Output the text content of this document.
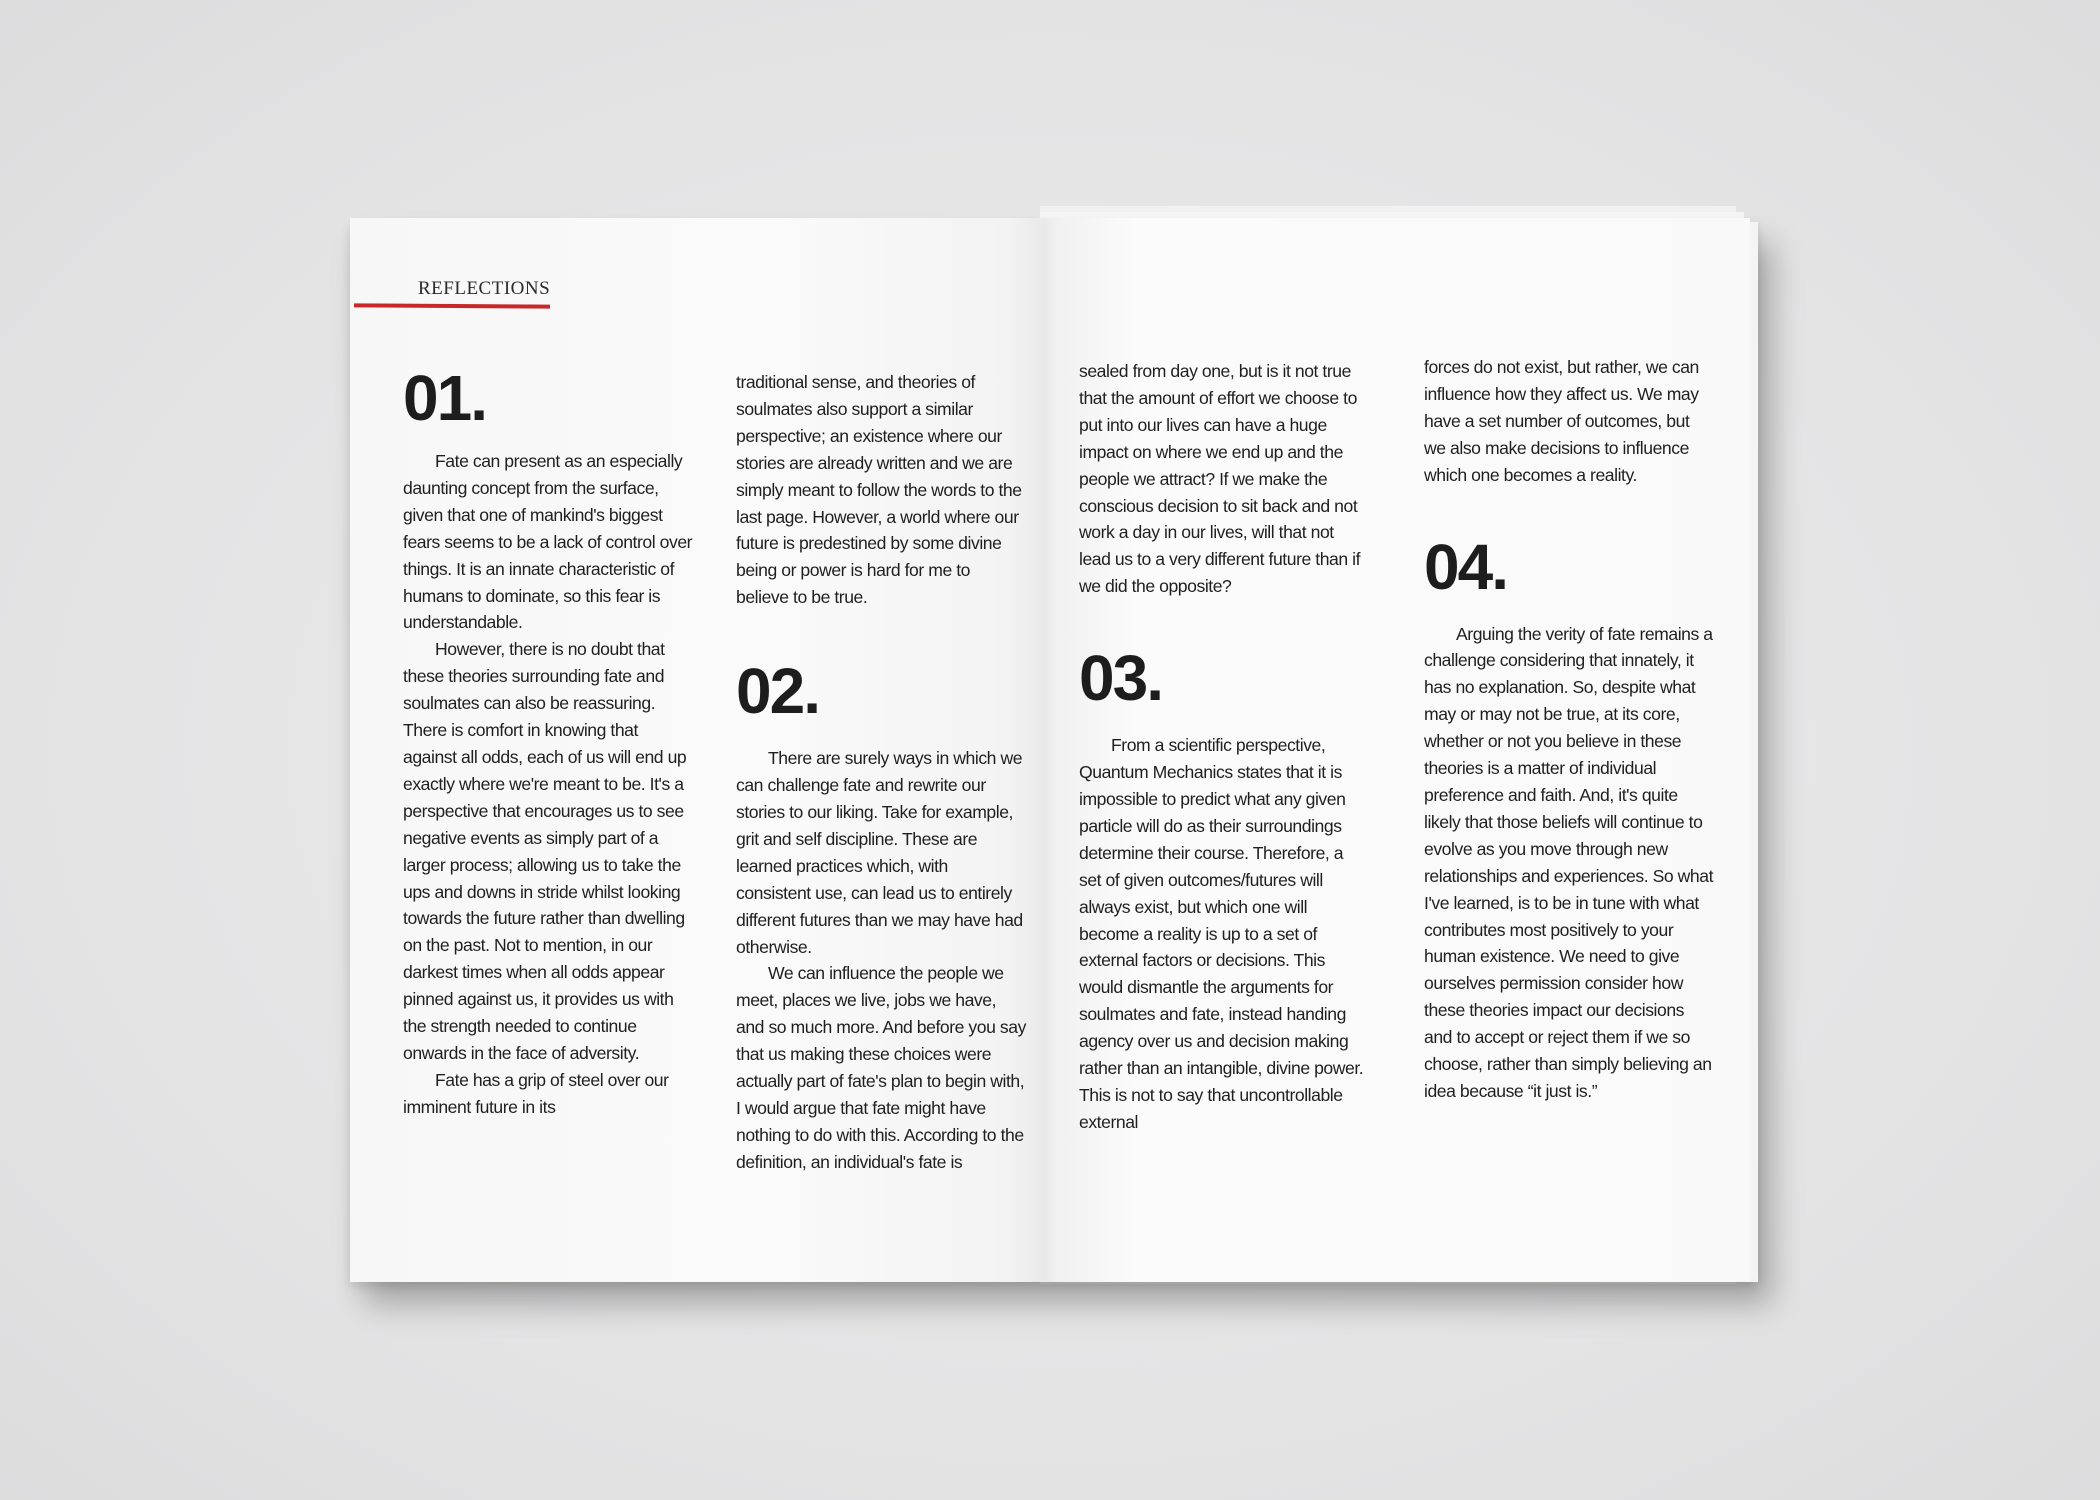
REFLECTIONS
01.

Fate can present as an especially daunting concept from the surface, given that one of mankind's biggest fears seems to be a lack of control over things. It is an innate characteristic of humans to dominate, so this fear is understandable.

However, there is no doubt that these theories surrounding fate and soulmates can also be reassuring. There is comfort in knowing that against all odds, each of us will end up exactly where we're meant to be. It's a perspective that encourages us to see negative events as simply part of a larger process; allowing us to take the ups and downs in stride whilst looking towards the future rather than dwelling on the past. Not to mention, in our darkest times when all odds appear pinned against us, it provides us with the strength needed to continue onwards in the face of adversity.

Fate has a grip of steel over our imminent future in its

traditional sense, and theories of soulmates also support a similar perspective; an existence where our stories are already written and we are simply meant to follow the words to the last page. However, a world where our future is predestined by some divine being or power is hard for me to believe to be true.

02.

There are surely ways in which we can challenge fate and rewrite our stories to our liking. Take for example, grit and self discipline. These are learned practices which, with consistent use, can lead us to entirely different futures than we may have had otherwise.

We can influence the people we meet, places we live, jobs we have, and so much more. And before you say that us making these choices were actually part of fate's plan to begin with, I would argue that fate might have nothing to do with this. According to the definition, an individual's fate is

sealed from day one, but is it not true that the amount of effort we choose to put into our lives can have a huge impact on where we end up and the people we attract? If we make the conscious decision to sit back and not work a day in our lives, will that not lead us to a very different future than if we did the opposite?

03.

From a scientific perspective, Quantum Mechanics states that it is impossible to predict what any given particle will do as their surroundings determine their course. Therefore, a set of given outcomes/futures will always exist, but which one will become a reality is up to a set of external factors or decisions. This would dismantle the arguments for soulmates and fate, instead handing agency over us and decision making rather than an intangible, divine power. This is not to say that uncontrollable external

forces do not exist, but rather, we can influence how they affect us. We may have a set number of outcomes, but we also make decisions to influence which one becomes a reality.

04.

Arguing the verity of fate remains a challenge considering that innately, it has no explanation. So, despite what may or may not be true, at its core, whether or not you believe in these theories is a matter of individual preference and faith. And, it's quite likely that those beliefs will continue to evolve as you move through new relationships and experiences. So what I've learned, is to be in tune with what contributes most positively to your human existence. We need to give ourselves permission consider how these theories impact our decisions and to accept or reject them if we so choose, rather than simply believing an idea because “it just is.”
